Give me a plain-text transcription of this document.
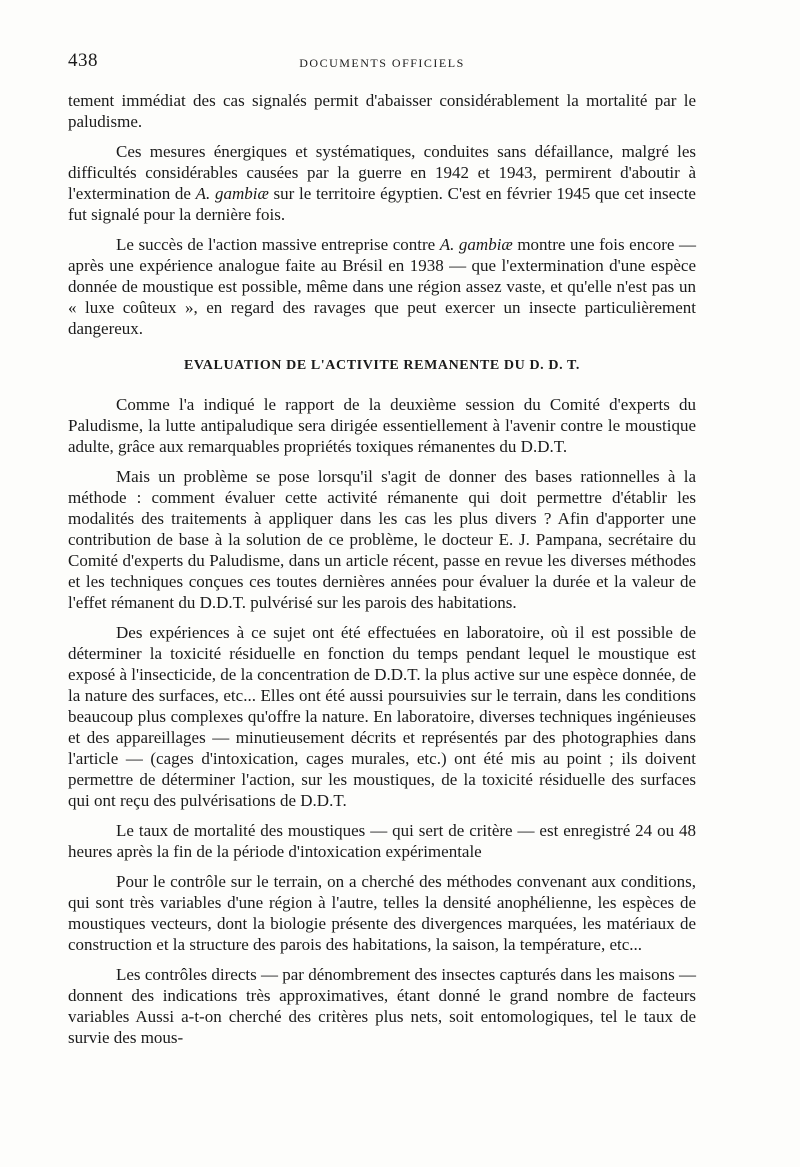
438	DOCUMENTS OFFICIELS

tement immédiat des cas signalés permit d'abaisser considérablement la mortalité par le paludisme.

Ces mesures énergiques et systématiques, conduites sans défaillance, malgré les difficultés considérables causées par la guerre en 1942 et 1943, permirent d'aboutir à l'extermination de A. gambiæ sur le territoire égyptien. C'est en février 1945 que cet insecte fut signalé pour la dernière fois.

Le succès de l'action massive entreprise contre A. gambiæ montre une fois encore — après une expérience analogue faite au Brésil en 1938 — que l'extermination d'une espèce donnée de moustique est possible, même dans une région assez vaste, et qu'elle n'est pas un « luxe coûteux », en regard des ravages que peut exercer un insecte particulièrement dangereux.

EVALUATION DE L'ACTIVITE REMANENTE DU D. D. T.

Comme l'a indiqué le rapport de la deuxième session du Comité d'experts du Paludisme, la lutte antipaludique sera dirigée essentiellement à l'avenir contre le moustique adulte, grâce aux remarquables propriétés toxiques rémanentes du D.D.T.

Mais un problème se pose lorsqu'il s'agit de donner des bases rationnelles à la méthode : comment évaluer cette activité rémanente qui doit permettre d'établir les modalités des traitements à appliquer dans les cas les plus divers ? Afin d'apporter une contribution de base à la solution de ce problème, le docteur E. J. Pampana, secrétaire du Comité d'experts du Paludisme, dans un article récent, passe en revue les diverses méthodes et les techniques conçues ces toutes dernières années pour évaluer la durée et la valeur de l'effet rémanent du D.D.T. pulvérisé sur les parois des habitations.

Des expériences à ce sujet ont été effectuées en laboratoire, où il est possible de déterminer la toxicité résiduelle en fonction du temps pendant lequel le moustique est exposé à l'insecticide, de la concentration de D.D.T. la plus active sur une espèce donnée, de la nature des surfaces, etc... Elles ont été aussi poursuivies sur le terrain, dans les conditions beaucoup plus complexes qu'offre la nature. En laboratoire, diverses techniques ingénieuses et des appareillages — minutieusement décrits et représentés par des photographies dans l'article — (cages d'intoxication, cages murales, etc.) ont été mis au point ; ils doivent permettre de déterminer l'action, sur les moustiques, de la toxicité résiduelle des surfaces qui ont reçu des pulvérisations de D.D.T.

Le taux de mortalité des moustiques — qui sert de critère — est enregistré 24 ou 48 heures après la fin de la période d'intoxication expérimentale

Pour le contrôle sur le terrain, on a cherché des méthodes convenant aux conditions, qui sont très variables d'une région à l'autre, telles la densité anophélienne, les espèces de moustiques vecteurs, dont la biologie présente des divergences marquées, les matériaux de construction et la structure des parois des habitations, la saison, la température, etc...

Les contrôles directs — par dénombrement des insectes capturés dans les maisons — donnent des indications très approximatives, étant donné le grand nombre de facteurs variables Aussi a-t-on cherché des critères plus nets, soit entomologiques, tel le taux de survie des mous-
